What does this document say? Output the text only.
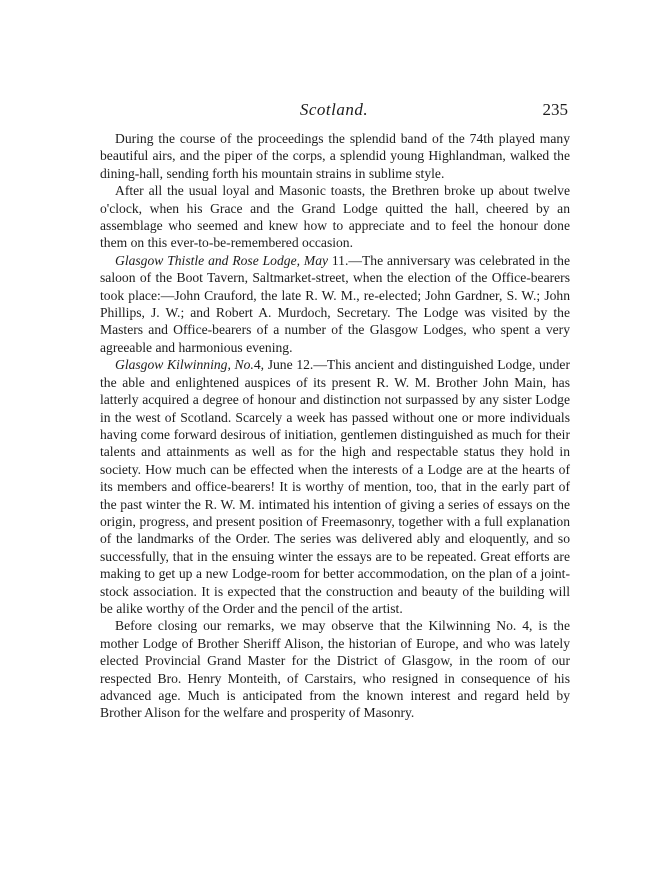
Scotland.	235

During the course of the proceedings the splendid band of the 74th played many beautiful airs, and the piper of the corps, a splendid young Highlandman, walked the dining-hall, sending forth his mountain strains in sublime style.

After all the usual loyal and Masonic toasts, the Brethren broke up about twelve o'clock, when his Grace and the Grand Lodge quitted the hall, cheered by an assemblage who seemed and knew how to appreciate and to feel the honour done them on this ever-to-be-remembered occasion.

Glasgow Thistle and Rose Lodge, May 11.—The anniversary was celebrated in the saloon of the Boot Tavern, Saltmarket-street, when the election of the Office-bearers took place:—John Crauford, the late R. W. M., re-elected; John Gardner, S. W.; John Phillips, J. W.; and Robert A. Murdoch, Secretary. The Lodge was visited by the Masters and Office-bearers of a number of the Glasgow Lodges, who spent a very agreeable and harmonious evening.

Glasgow Kilwinning, No.4, June 12.—This ancient and distinguished Lodge, under the able and enlightened auspices of its present R. W. M. Brother John Main, has latterly acquired a degree of honour and distinction not surpassed by any sister Lodge in the west of Scotland. Scarcely a week has passed without one or more individuals having come forward desirous of initiation, gentlemen distinguished as much for their talents and attainments as well as for the high and respectable status they hold in society. How much can be effected when the interests of a Lodge are at the hearts of its members and office-bearers! It is worthy of mention, too, that in the early part of the past winter the R. W. M. intimated his intention of giving a series of essays on the origin, progress, and present position of Freemasonry, together with a full explanation of the landmarks of the Order. The series was delivered ably and eloquently, and so successfully, that in the ensuing winter the essays are to be repeated. Great efforts are making to get up a new Lodge-room for better accommodation, on the plan of a joint-stock association. It is expected that the construction and beauty of the building will be alike worthy of the Order and the pencil of the artist.

Before closing our remarks, we may observe that the Kilwinning No. 4, is the mother Lodge of Brother Sheriff Alison, the historian of Europe, and who was lately elected Provincial Grand Master for the District of Glasgow, in the room of our respected Bro. Henry Monteith, of Carstairs, who resigned in consequence of his advanced age. Much is anticipated from the known interest and regard held by Brother Alison for the welfare and prosperity of Masonry.
